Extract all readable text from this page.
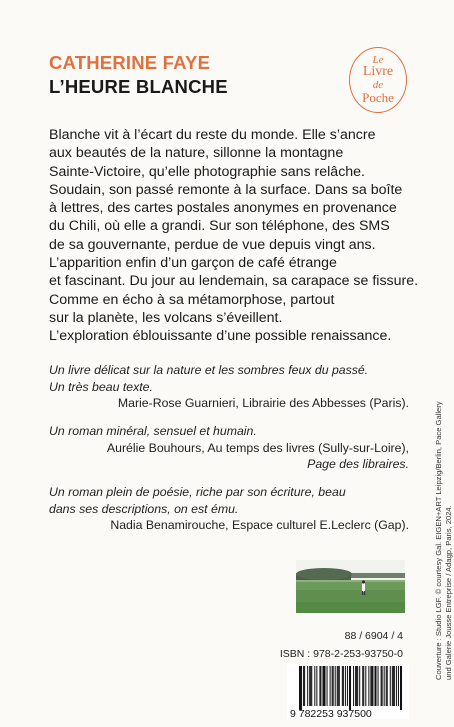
CATHERINE FAYE
L’HEURE BLANCHE
Le
Livre
de
Poche
Blanche vit à l’écart du reste du monde. Elle s’ancre
aux beautés de la nature, sillonne la montagne
Sainte-Victoire, qu’elle photographie sans relâche.
Soudain, son passé remonte à la surface. Dans sa boîte
à lettres, des cartes postales anonymes en provenance
du Chili, où elle a grandi. Sur son téléphone, des SMS
de sa gouvernante, perdue de vue depuis vingt ans.
L’apparition enfin d’un garçon de café étrange
et fascinant. Du jour au lendemain, sa carapace se fissure.
Comme en écho à sa métamorphose, partout
sur la planète, les volcans s’éveillent.
L’exploration éblouissante d’une possible renaissance.
Un livre délicat sur la nature et les sombres feux du passé.
Un très beau texte.
Marie-Rose Guarnieri, Librairie des Abbesses (Paris).
Un roman minéral, sensuel et humain.
Aurélie Bouhours, Au temps des livres (Sully-sur-Loire),
Page des libraires.
Un roman plein de poésie, riche par son écriture, beau
dans ses descriptions, on est ému.
Nadia Benamirouche, Espace culturel E.Leclerc (Gap).
88 / 6904 / 4
ISBN : 978-2-253-93750-0
9 782253 937500
Couverture : Studio LGF. © courtesy Gal. EIGEN+ART Leipzig/Berlin, Pace Gallery und Galerie Jousse Entreprise / Adagp, Paris, 2024.
